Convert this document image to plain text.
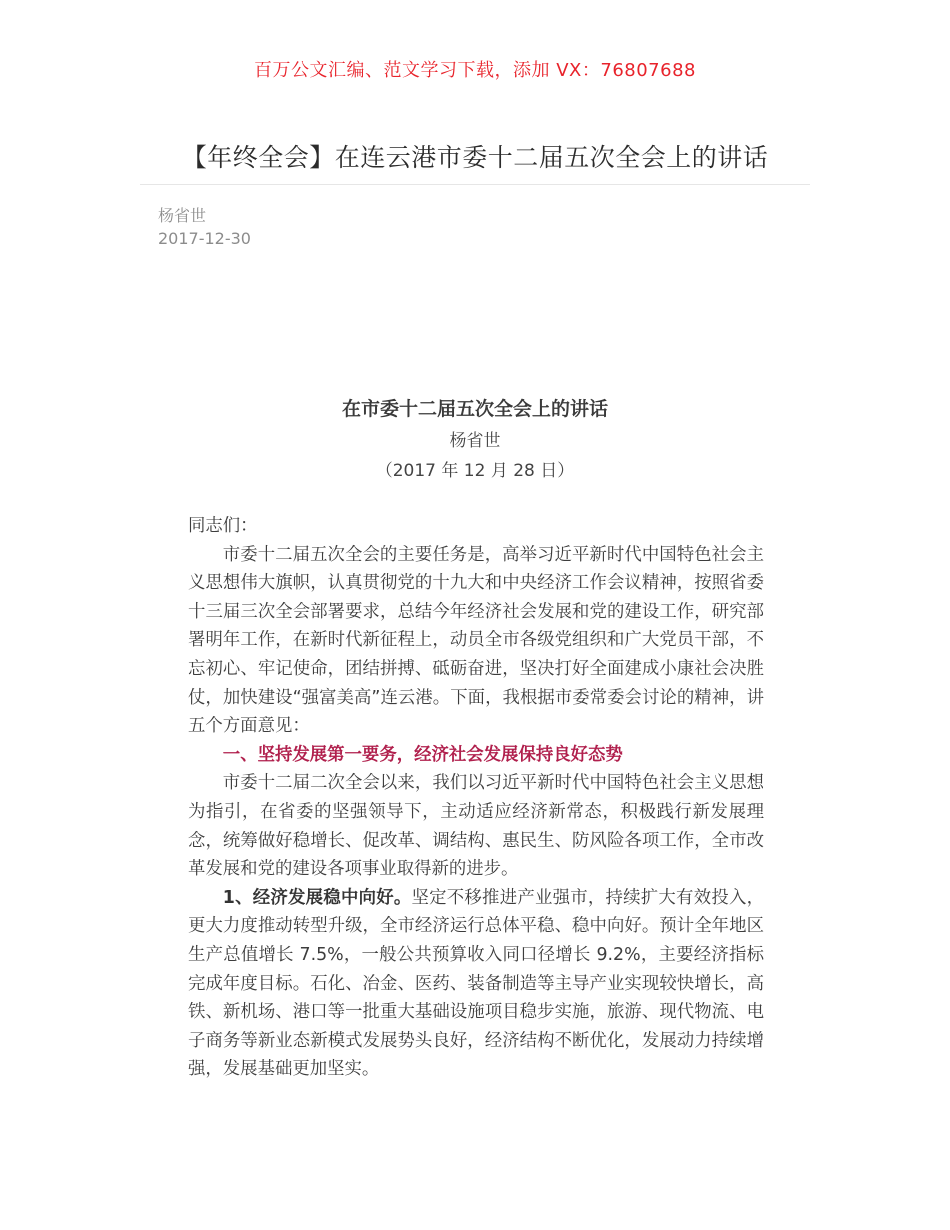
百万公文汇编、范文学习下载，添加 VX：76807688
【年终全会】在连云港市委十二届五次全会上的讲话
杨省世
2017-12-30
在市委十二届五次全会上的讲话
杨省世
（2017 年 12 月 28 日）

同志们：

市委十二届五次全会的主要任务是，高举习近平新时代中国特色社会主义思想伟大旗帜，认真贯彻党的十九大和中央经济工作会议精神，按照省委十三届三次全会部署要求，总结今年经济社会发展和党的建设工作，研究部署明年工作，在新时代新征程上，动员全市各级党组织和广大党员干部，不忘初心、牢记使命，团结拼搏、砥砺奋进，坚决打好全面建成小康社会决胜仗，加快建设“强富美高”连云港。下面，我根据市委常委会讨论的精神，讲五个方面意见：

一、坚持发展第一要务，经济社会发展保持良好态势

市委十二届二次全会以来，我们以习近平新时代中国特色社会主义思想为指引，在省委的坚强领导下，主动适应经济新常态，积极践行新发展理念，统筹做好稳增长、促改革、调结构、惠民生、防风险各项工作，全市改革发展和党的建设各项事业取得新的进步。

1、经济发展稳中向好。坚定不移推进产业强市，持续扩大有效投入，更大力度推动转型升级，全市经济运行总体平稳、稳中向好。预计全年地区生产总值增长 7.5%，一般公共预算收入同口径增长 9.2%，主要经济指标完成年度目标。石化、冶金、医药、装备制造等主导产业实现较快增长，高铁、新机场、港口等一批重大基础设施项目稳步实施，旅游、现代物流、电子商务等新业态新模式发展势头良好，经济结构不断优化，发展动力持续增强，发展基础更加坚实。
